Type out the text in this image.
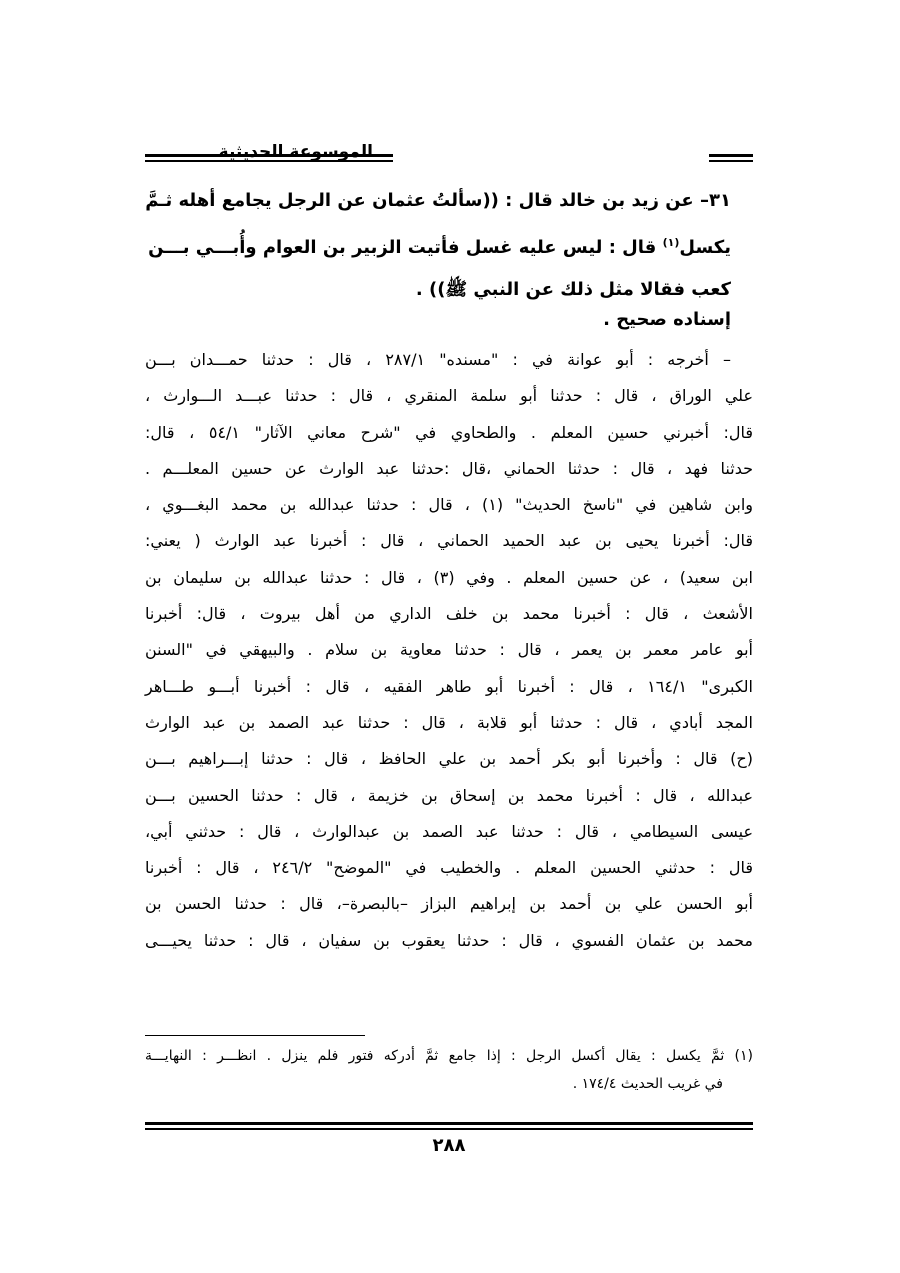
الموسوعة الحديثية
٣١– عن زيد بن خالد قال : ((سألتُ عثمان عن الرجل يجامع أهله ثـمَّ
يكسل$^{(١)}$ قال : ليس عليه غسل فأتيت الزبير بن العوام وأُبـــي بـــن
كعب فقالا مثل ذلك عن النبي ﷺ)) .
إسناده صحيح .
– أخرجه : أبو عوانة في : "مسنده" ٢٨٧/١ ، قال : حدثنا حمـــدان بـــن
علي الوراق ، قال : حدثنا أبو سلمة المنقري ، قال : حدثنا عبـــد الـــوارث ،
قال: أخبرني حسين المعلم . والطحاوي في "شرح معاني الآثار" ٥٤/١ ، قال:
حدثنا فهد ، قال : حدثنا الحماني ،قال :حدثنا عبد الوارث عن حسين المعلـــم .
وابن شاهين في "ناسخ الحديث" (١) ، قال : حدثنا عبدالله بن محمد البغـــوي ،
قال: أخبرنا يحيى بن عبد الحميد الحماني ، قال : أخبرنا عبد الوارث ( يعني:
ابن سعيد) ، عن حسين المعلم . وفي (٣) ، قال : حدثنا عبدالله بن سليمان بن
الأشعث ، قال : أخبرنا محمد بن خلف الداري من أهل بيروت ، قال: أخبرنا
أبو عامر معمر بن يعمر ، قال : حدثنا معاوية بن سلام . والبيهقي في "السنن
الكبرى" ١٦٤/١ ، قال : أخبرنا أبو طاهر الفقيه ، قال : أخبرنا أبـــو طـــاهر
المجد أبادي ، قال : حدثنا أبو قلابة ، قال : حدثنا عبد الصمد بن عبد الوارث
(ح) قال : وأخبرنا أبو بكر أحمد بن علي الحافظ ، قال : حدثنا إبـــراهيم بـــن
عبدالله ، قال : أخبرنا محمد بن إسحاق بن خزيمة ، قال : حدثنا الحسين بـــن
عيسى السيطامي ، قال : حدثنا عبد الصمد بن عبدالوارث ، قال : حدثني أبي،
قال : حدثني الحسين المعلم . والخطيب في "الموضح" ٢٤٦/٢ ، قال : أخبرنا
أبو الحسن علي بن أحمد بن إبراهيم البزاز –بالبصرة–، قال : حدثنا الحسن بن
محمد بن عثمان الفسوي ، قال : حدثنا يعقوب بن سفيان ، قال : حدثنا يحيـــى
(١) ثمَّ يكسل : يقال أكسل الرجل : إذا جامع ثمَّ أدركه فتور فلم ينزل . انظـــر : النهايـــة
في غريب الحديث ١٧٤/٤ .
٢٨٨
